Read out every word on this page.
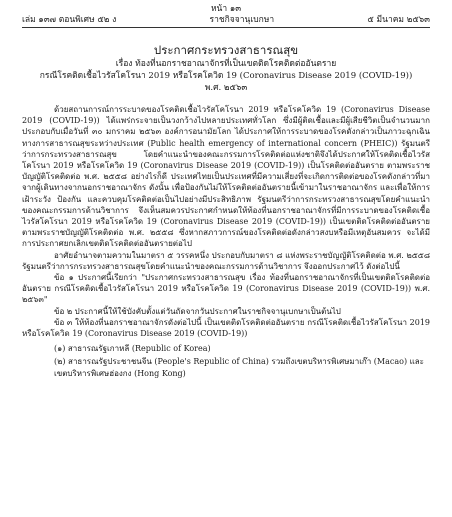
หน้า ๑๓
เล่ม ๑๓๗ ตอนพิเศษ ๕๒ ง	ราชกิจจานุเบกษา	๕ มีนาคม ๒๕๖๓
ประกาศกระทรวงสาธารณสุข
เรื่อง ท้องที่นอกราชอาณาจักรที่เป็นเขตติดโรคติดต่ออันตราย
กรณีโรคติดเชื้อไวรัสโคโรนา 2019 หรือโรคโควิด 19 (Coronavirus Disease 2019 (COVID-19))
พ.ศ. ๒๕๖๓

ด้วยสถานการณ์การระบาดของโรคติดเชื้อไวรัสโคโรนา 2019 หรือโรคโควิด 19 (Coronavirus Disease 2019 (COVID-19)) ได้แพร่กระจายเป็นวงกว้างไปหลายประเทศทั่วโลก ซึ่งมีผู้ติดเชื้อและมีผู้เสียชีวิตเป็นจำนวนมาก ประกอบกับเมื่อวันที่ ๓๐ มกราคม ๒๕๖๓ องค์การอนามัยโลก ได้ประกาศให้การระบาดของโรคดังกล่าวเป็นภาวะฉุกเฉินทางการสาธารณสุขระหว่างประเทศ (Public health emergency of international concern (PHEIC)) รัฐมนตรีว่าการกระทรวงสาธารณสุข โดยคำแนะนำของคณะกรรมการโรคติดต่อแห่งชาติจึงได้ประกาศให้โรคติดเชื้อไวรัสโคโรนา 2019 หรือโรคโควิด 19 (Coronavirus Disease 2019 (COVID-19)) เป็นโรคติดต่ออันตราย ตามพระราชบัญญัติโรคติดต่อ พ.ศ. ๒๕๕๘ อย่างไรก็ดี ประเทศไทยเป็นประเทศที่มีความเสี่ยงที่จะเกิดการติดต่อของโรคดังกล่าวที่มาจากผู้เดินทางจากนอกราชอาณาจักร ดังนั้น เพื่อป้องกันไม่ให้โรคติดต่ออันตรายนี้เข้ามาในราชอาณาจักร และเพื่อให้การเฝ้าระวัง ป้องกัน และควบคุมโรคติดต่อเป็นไปอย่างมีประสิทธิภาพ รัฐมนตรีว่าการกระทรวงสาธารณสุขโดยคำแนะนำของคณะกรรมการด้านวิชาการ จึงเห็นสมควรประกาศกำหนดให้ท้องที่นอกราชอาณาจักรที่มีการระบาดของโรคติดเชื้อไวรัสโคโรนา 2019 หรือโรคโควิด 19 (Coronavirus Disease 2019 (COVID-19)) เป็นเขตติดโรคติดต่ออันตราย ตามพระราชบัญญัติโรคติดต่อ พ.ศ. ๒๕๕๘ ซึ่งหากสภาวการณ์ของโรคติดต่อดังกล่าวสงบหรือมีเหตุอันสมควร จะได้มีการประกาศยกเลิกเขตติดโรคติดต่ออันตรายต่อไป

อาศัยอำนาจตามความในมาตรา ๕ วรรคหนึ่ง ประกอบกับมาตรา ๘ แห่งพระราชบัญญัติโรคติดต่อ พ.ศ. ๒๕๕๘ รัฐมนตรีว่าการกระทรวงสาธารณสุขโดยคำแนะนำของคณะกรรมการด้านวิชาการ จึงออกประกาศไว้ ดังต่อไปนี้

ข้อ ๑ ประกาศนี้เรียกว่า "ประกาศกระทรวงสาธารณสุข เรื่อง ท้องที่นอกราชอาณาจักรที่เป็นเขตติดโรคติดต่ออันตราย กรณีโรคติดเชื้อไวรัสโคโรนา 2019 หรือโรคโควิด 19 (Coronavirus Disease 2019 (COVID-19)) พ.ศ. ๒๕๖๓"

ข้อ ๒ ประกาศนี้ให้ใช้บังคับตั้งแต่วันถัดจากวันประกาศในราชกิจจานุเบกษาเป็นต้นไป

ข้อ ๓ ให้ท้องที่นอกราชอาณาจักรดังต่อไปนี้ เป็นเขตติดโรคติดต่ออันตราย กรณีโรคติดเชื้อไวรัสโคโรนา 2019 หรือโรคโควิด 19 (Coronavirus Disease 2019 (COVID-19))

(๑) สาธารณรัฐเกาหลี (Republic of Korea)
(๒) สาธารณรัฐประชาชนจีน (People's Republic of China) รวมถึงเขตบริหารพิเศษมาเก๊า (Macao) และเขตบริหารพิเศษฮ่องกง (Hong Kong)
